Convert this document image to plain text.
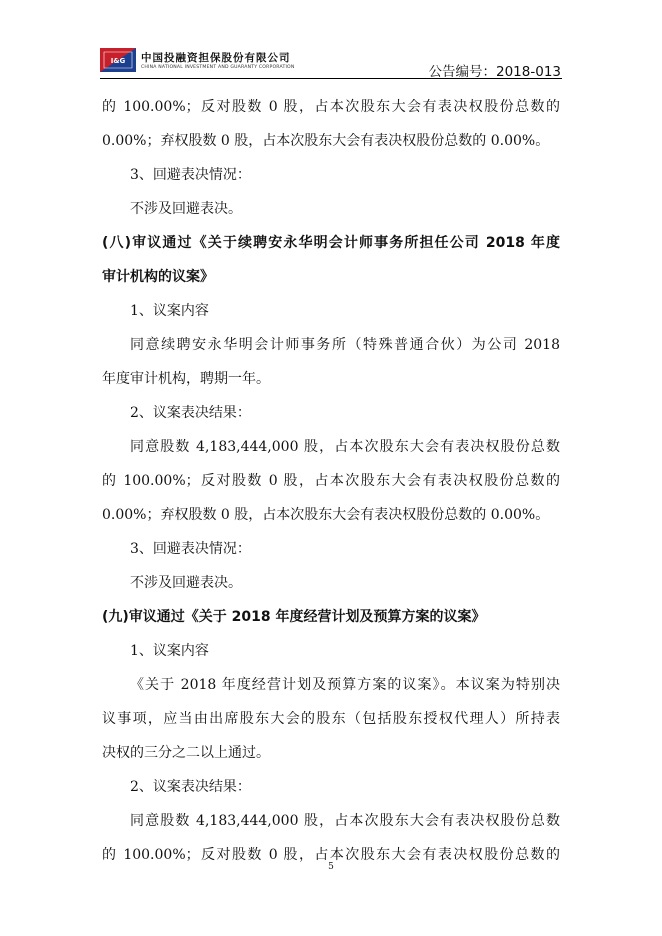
I&G 中国投融资担保股份有限公司
CHINA NATIONAL INVESTMENT AND GUARANTY CORPORATION	公告编号：2018-013

的 100.00%；反对股数 0 股，占本次股东大会有表决权股份总数的

0.00%；弃权股数 0 股，占本次股东大会有表决权股份总数的 0.00%。

3、回避表决情况：

不涉及回避表决。

(八)审议通过《关于续聘安永华明会计师事务所担任公司 2018 年度

审计机构的议案》

1、议案内容

同意续聘安永华明会计师事务所（特殊普通合伙）为公司 2018

年度审计机构，聘期一年。

2、议案表决结果：

同意股数 4,183,444,000 股，占本次股东大会有表决权股份总数

的 100.00%；反对股数 0 股，占本次股东大会有表决权股份总数的

0.00%；弃权股数 0 股，占本次股东大会有表决权股份总数的 0.00%。

3、回避表决情况：

不涉及回避表决。

(九)审议通过《关于 2018 年度经营计划及预算方案的议案》

1、议案内容

《关于 2018 年度经营计划及预算方案的议案》。本议案为特别决

议事项，应当由出席股东大会的股东（包括股东授权代理人）所持表

决权的三分之二以上通过。

2、议案表决结果：

同意股数 4,183,444,000 股，占本次股东大会有表决权股份总数

的 100.00%；反对股数 0 股，占本次股东大会有表决权股份总数的

5
